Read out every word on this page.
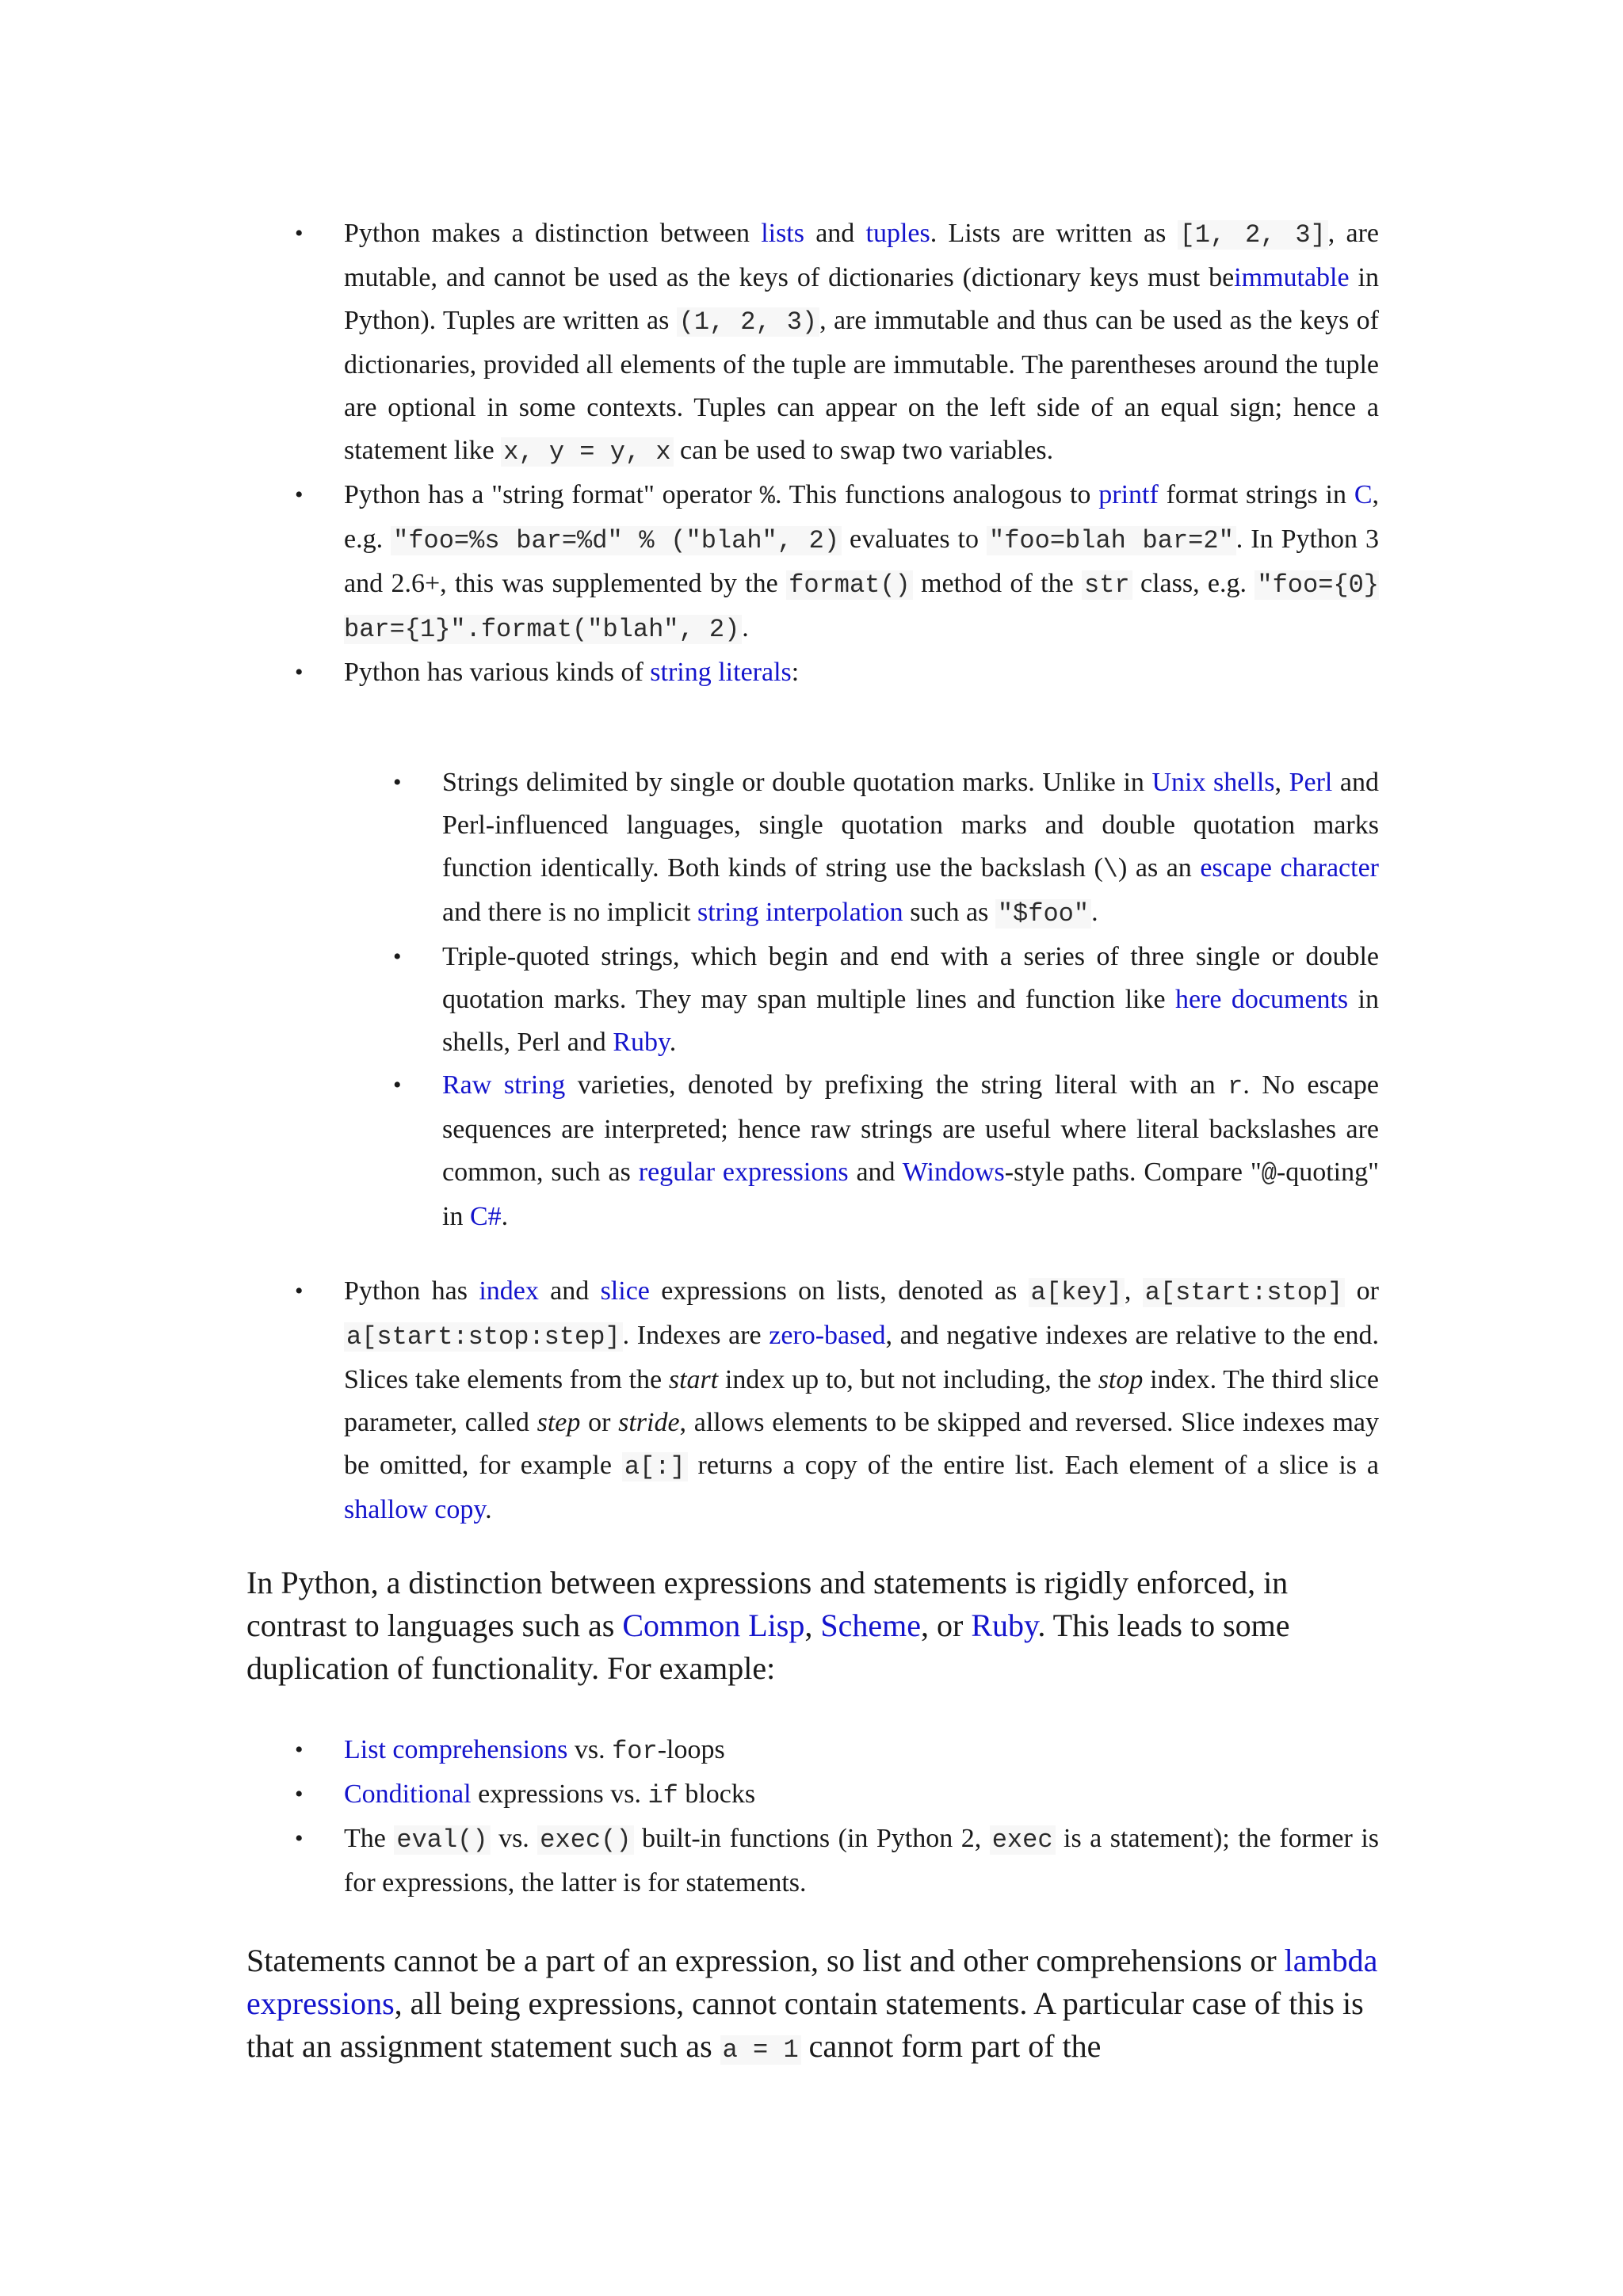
• Python makes a distinction between lists and tuples. Lists are written as [1, 2, 3], are mutable, and cannot be used as the keys of dictionaries (dictionary keys must beimmutable in Python). Tuples are written as (1, 2, 3), are immutable and thus can be used as the keys of dictionaries, provided all elements of the tuple are immutable. The parentheses around the tuple are optional in some contexts. Tuples can appear on the left side of an equal sign; hence a statement like x, y = y, x can be used to swap two variables.
• Python has a "string format" operator %. This functions analogous to printf format strings in C, e.g. "foo=%s bar=%d" % ("blah", 2) evaluates to "foo=blah bar=2". In Python 3 and 2.6+, this was supplemented by the format() method of the str class, e.g. "foo={0} bar={1}".format("blah", 2).
• Python has various kinds of string literals:
• Strings delimited by single or double quotation marks. Unlike in Unix shells, Perl and Perl-influenced languages, single quotation marks and double quotation marks function identically. Both kinds of string use the backslash (\) as an escape character and there is no implicit string interpolation such as "$foo".
• Triple-quoted strings, which begin and end with a series of three single or double quotation marks. They may span multiple lines and function like here documents in shells, Perl and Ruby.
• Raw string varieties, denoted by prefixing the string literal with an r. No escape sequences are interpreted; hence raw strings are useful where literal backslashes are common, such as regular expressions and Windows-style paths. Compare "@-quoting" in C#.
• Python has index and slice expressions on lists, denoted as a[key], a[start:stop] or a[start:stop:step]. Indexes are zero-based, and negative indexes are relative to the end. Slices take elements from the start index up to, but not including, the stop index. The third slice parameter, called step or stride, allows elements to be skipped and reversed. Slice indexes may be omitted, for example a[:] returns a copy of the entire list. Each element of a slice is a shallow copy.

In Python, a distinction between expressions and statements is rigidly enforced, in contrast to languages such as Common Lisp, Scheme, or Ruby. This leads to some duplication of functionality. For example:

• List comprehensions vs. for-loops
• Conditional expressions vs. if blocks
• The eval() vs. exec() built-in functions (in Python 2, exec is a statement); the former is for expressions, the latter is for statements.

Statements cannot be a part of an expression, so list and other comprehensions or lambda expressions, all being expressions, cannot contain statements. A particular case of this is that an assignment statement such as a = 1 cannot form part of the
